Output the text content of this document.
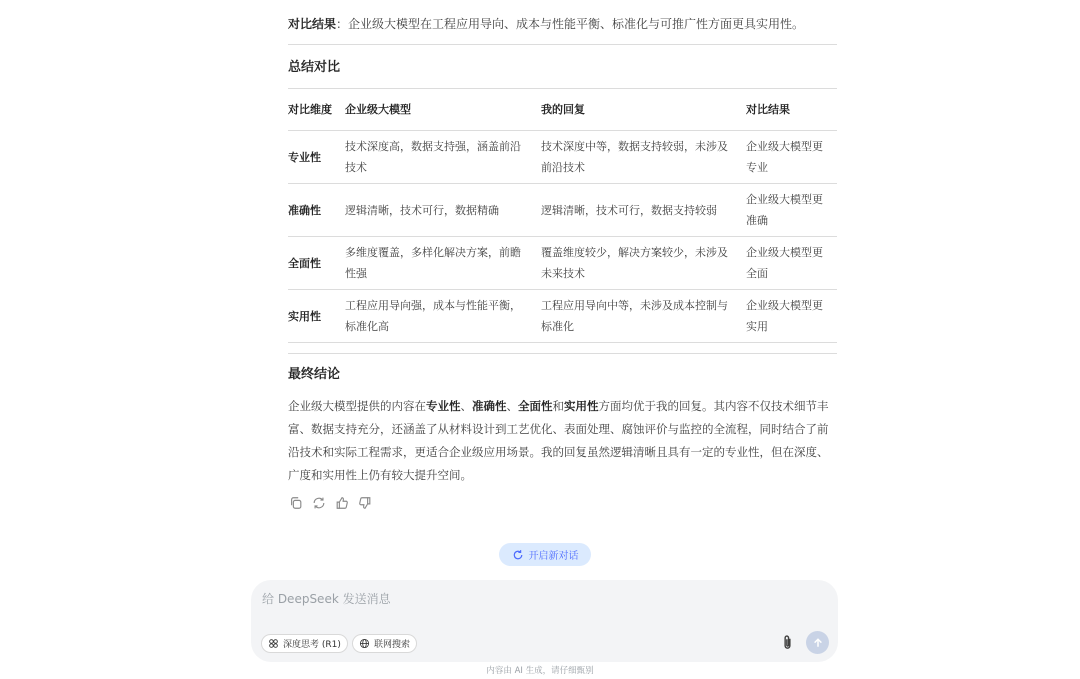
对比结果：企业级大模型在工程应用导向、成本与性能平衡、标准化与可推广性方面更具实用性。
总结对比
对比维度	企业级大模型	我的回复	对比结果

专业性	技术深度高，数据支持强，涵盖前沿技术	技术深度中等，数据支持较弱，未涉及前沿技术	企业级大模型更专业

准确性	逻辑清晰，技术可行，数据精确	逻辑清晰，技术可行，数据支持较弱	企业级大模型更准确

全面性	多维度覆盖，多样化解决方案，前瞻性强	覆盖维度较少，解决方案较少，未涉及未来技术	企业级大模型更全面

实用性	工程应用导向强，成本与性能平衡，标准化高	工程应用导向中等，未涉及成本控制与标准化	企业级大模型更实用
最终结论
企业级大模型提供的内容在专业性、准确性、全面性和实用性方面均优于我的回复。其内容不仅技术细节丰富、数据支持充分，还涵盖了从材料设计到工艺优化、表面处理、腐蚀评价与监控的全流程，同时结合了前沿技术和实际工程需求，更适合企业级应用场景。我的回复虽然逻辑清晰且具有一定的专业性，但在深度、广度和实用性上仍有较大提升空间。
开启新对话
给 DeepSeek 发送消息
深度思考 (R1)	联网搜索
内容由 AI 生成，请仔细甄别
